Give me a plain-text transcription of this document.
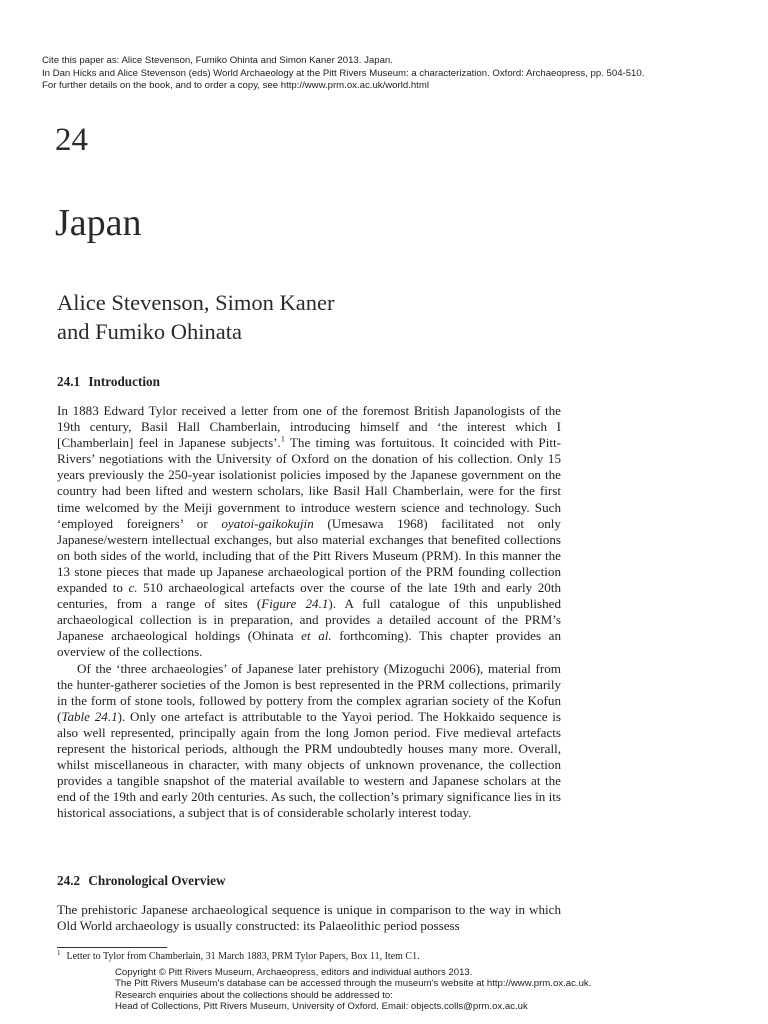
Cite this paper as: Alice Stevenson, Fumiko Ohinta and Simon Kaner 2013. Japan.
In Dan Hicks and Alice Stevenson (eds) World Archaeology at the Pitt Rivers Museum: a characterization. Oxford: Archaeopress, pp. 504-510.
For further details on the book, and to order a copy, see http://www.prm.ox.ac.uk/world.html
24
Japan
Alice Stevenson, Simon Kaner
and Fumiko Ohinata
24.1 Introduction

In 1883 Edward Tylor received a letter from one of the foremost British Japanologists of the 19th century, Basil Hall Chamberlain, introducing himself and ‘the interest which I [Chamberlain] feel in Japanese subjects’.$^1$ The timing was fortuitous. It coincided with Pitt-Rivers’ negotiations with the University of Oxford on the donation of his collection. Only 15 years previously the 250-year isolationist policies imposed by the Japanese government on the country had been lifted and western scholars, like Basil Hall Chamberlain, were for the first time welcomed by the Meiji government to introduce western science and technology. Such ‘employed foreigners’ or oyatoi-gaikokujin (Umesawa 1968) facilitated not only Japanese/western intellectual exchanges, but also material exchanges that benefited collections on both sides of the world, including that of the Pitt Rivers Museum (PRM). In this manner the 13 stone pieces that made up Japanese archaeological portion of the PRM founding collection expanded to c. 510 archaeological artefacts over the course of the late 19th and early 20th centuries, from a range of sites (Figure 24.1). A full catalogue of this unpublished archaeological collection is in preparation, and provides a detailed account of the PRM’s Japanese archaeological holdings (Ohinata et al. forthcoming). This chapter provides an overview of the collections.

Of the ‘three archaeologies’ of Japanese later prehistory (Mizoguchi 2006), material from the hunter-gatherer societies of the Jomon is best represented in the PRM collections, primarily in the form of stone tools, followed by pottery from the complex agrarian society of the Kofun (Table 24.1). Only one artefact is attributable to the Yayoi period. The Hokkaido sequence is also well represented, principally again from the long Jomon period. Five medieval artefacts represent the historical periods, although the PRM undoubtedly houses many more. Overall, whilst miscellaneous in character, with many objects of unknown provenance, the collection provides a tangible snapshot of the material available to western and Japanese scholars at the end of the 19th and early 20th centuries. As such, the collection’s primary significance lies in its historical associations, a subject that is of considerable scholarly interest today.

24.2 Chronological Overview

The prehistoric Japanese archaeological sequence is unique in comparison to the way in which Old World archaeology is usually constructed: its Palaeolithic period possess

$^1$ Letter to Tylor from Chamberlain, 31 March 1883, PRM Tylor Papers, Box 11, Item C1.
Copyright © Pitt Rivers Museum, Archaeopress, editors and individual authors 2013.
The Pitt Rivers Museum’s database can be accessed through the museum’s website at http://www.prm.ox.ac.uk.
Research enquiries about the collections should be addressed to:
Head of Collections, Pitt Rivers Museum, University of Oxford. Email: objects.colls@prm.ox.ac.uk
